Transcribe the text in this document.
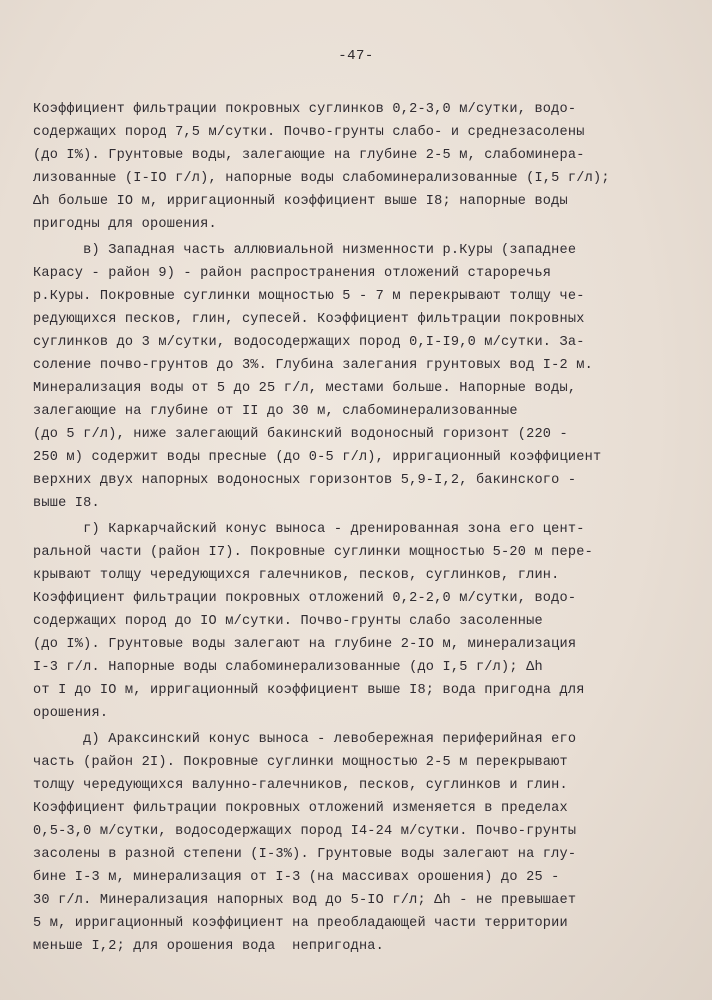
-47-
Коэффициент фильтрации покровных суглинков 0,2-3,0 м/сутки, водо-
содержащих пород 7,5 м/сутки. Почво-грунты слабо- и среднезасолены
(до I%). Грунтовые воды, залегающие на глубине 2-5 м, слабоминера-
лизованные (I-IO г/л), напорные воды слабоминерализованные (I,5 г/л);
Δh больше IO м, ирригационный коэффициент выше I8; напорные воды
пригодны для орошения.
в) Западная часть аллювиальной низменности р.Куры (западнее
Карасу - район 9) - район распространения отложений старoречья
р.Куры. Покровные суглинки мощностью 5 - 7 м перекрывают толщу че-
редующихся песков, глин, супесей. Коэффициент фильтрации покровных
суглинков до 3 м/сутки, водосодержащих пород 0,I-I9,0 м/сутки. За-
соление почво-грунтов до 3%. Глубина залегания грунтовых вод I-2 м.
Минерализация воды от 5 до 25 г/л, местами больше. Напорные воды,
залегающие на глубине от II до 30 м, слабоминерализованные
(до 5 г/л), ниже залегающий бакинский водоносный горизонт (220 -
250 м) содержит воды пресные (до 0-5 г/л), ирригационный коэффициент
верхних двух напорных водоносных горизонтов 5,9-I,2, бакинского -
выше I8.
г) Каркарчайский конус выноса - дренированная зона его цент-
ральной части (район I7). Покровные суглинки мощностью 5-20 м пере-
крывают толщу чередующихся галечников, песков, суглинков, глин.
Коэффициент фильтрации покровных отложений 0,2-2,0 м/сутки, водо-
содержащих пород до IO м/сутки. Почво-грунты слабо засоленные
(до I%). Грунтовые воды залегают на глубине 2-IO м, минерализация
I-3 г/л. Напорные воды слабоминерализованные (до I,5 г/л); Δh
от I до IO м, ирригационный коэффициент выше I8; вода пригодна для
орошения.
д) Араксинский конус выноса - левобережная периферийная его
часть (район 2I). Покровные суглинки мощностью 2-5 м перекрывают
толщу чередующихся валунно-галечников, песков, суглинков и глин.
Коэффициент фильтрации покровных отложений изменяется в пределах
0,5-3,0 м/сутки, водосодержащих пород I4-24 м/сутки. Почво-грунты
засолены в разной степени (I-3%). Грунтовые воды залегают на глу-
бине I-3 м, минерализация от I-3 (на массивах орошения) до 25 -
30 г/л. Минерализация напорных вод до 5-IO г/л; Δh - не превышает
5 м, ирригационный коэффициент на преобладающей части территории
меньше I,2; для орошения вода  непригодна.
